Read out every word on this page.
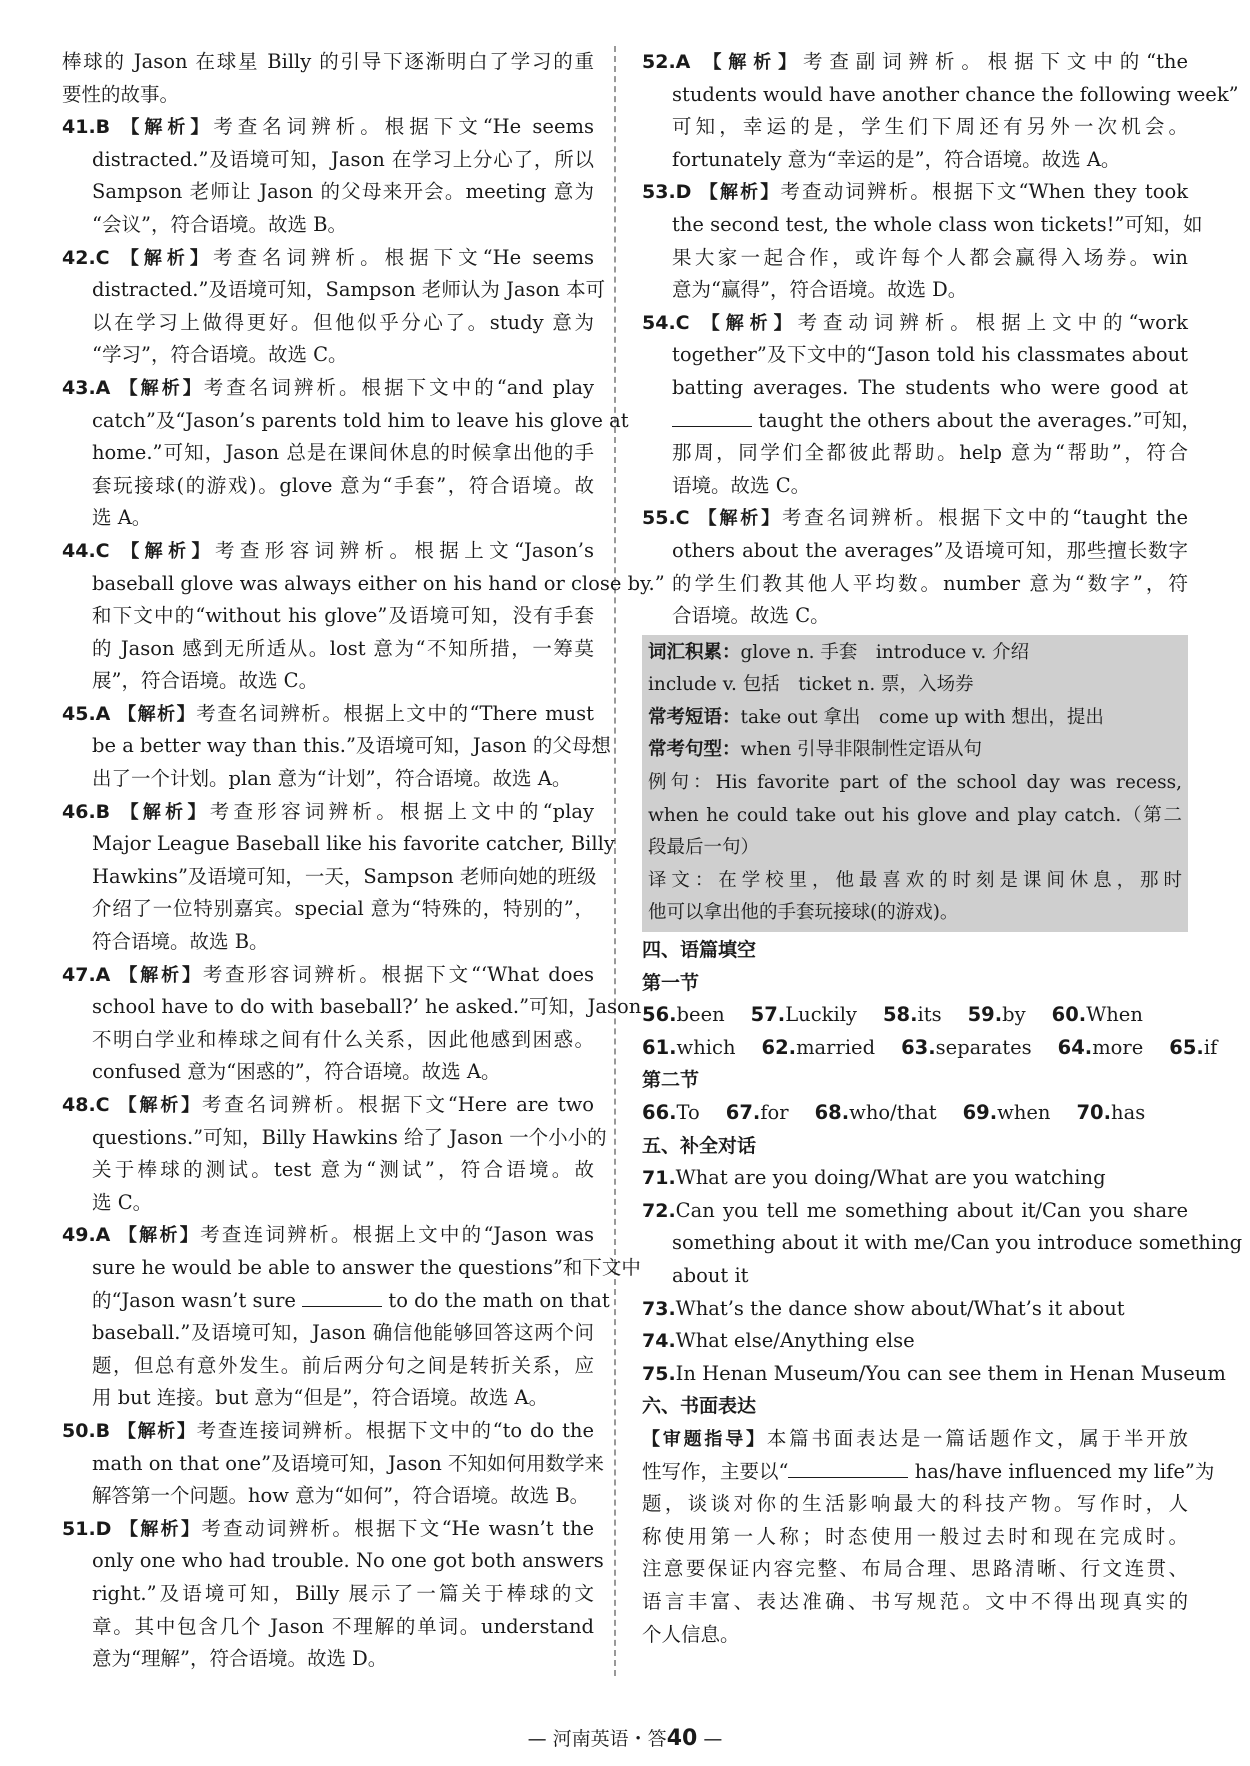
棒球的 Jason 在球星 Billy 的引导下逐渐明白了学习的重
要性的故事。
41.B 【解析】考查名词辨析。根据下文“He seems
distracted.”及语境可知，Jason 在学习上分心了，所以
Sampson 老师让 Jason 的父母来开会。meeting 意为
“会议”，符合语境。故选 B。
42.C 【解析】考查名词辨析。根据下文“He seems
distracted.”及语境可知，Sampson 老师认为 Jason 本可
以在学习上做得更好。但他似乎分心了。study 意为
“学习”，符合语境。故选 C。
43.A 【解析】考查名词辨析。根据下文中的“and play
catch”及“Jason’s parents told him to leave his glove at
home.”可知，Jason 总是在课间休息的时候拿出他的手
套玩接球(的游戏)。glove 意为“手套”，符合语境。故
选 A。
44.C 【解析】考查形容词辨析。根据上文“Jason’s
baseball glove was always either on his hand or close by.”
和下文中的“without his glove”及语境可知，没有手套
的 Jason 感到无所适从。lost 意为“不知所措，一筹莫
展”，符合语境。故选 C。
45.A 【解析】考查名词辨析。根据上文中的“There must
be a better way than this.”及语境可知，Jason 的父母想
出了一个计划。plan 意为“计划”，符合语境。故选 A。
46.B 【解析】考查形容词辨析。根据上文中的“play
Major League Baseball like his favorite catcher, Billy
Hawkins”及语境可知，一天，Sampson 老师向她的班级
介绍了一位特别嘉宾。special 意为“特殊的，特别的”，
符合语境。故选 B。
47.A 【解析】考查形容词辨析。根据下文“‘What does
school have to do with baseball?’ he asked.”可知，Jason
不明白学业和棒球之间有什么关系，因此他感到困惑。
confused 意为“困惑的”，符合语境。故选 A。
48.C 【解析】考查名词辨析。根据下文“Here are two
questions.”可知，Billy Hawkins 给了 Jason 一个小小的
关于棒球的测试。test 意为“测试”，符合语境。故
选 C。
49.A 【解析】考查连词辨析。根据上文中的“Jason was
sure he would be able to answer the questions”和下文中
的“Jason wasn’t sure	to do the math on that
baseball.”及语境可知，Jason 确信他能够回答这两个问
题，但总有意外发生。前后两分句之间是转折关系，应
用 but 连接。but 意为“但是”，符合语境。故选 A。
50.B 【解析】考查连接词辨析。根据下文中的“to do the
math on that one”及语境可知，Jason 不知如何用数学来
解答第一个问题。how 意为“如何”，符合语境。故选 B。
51.D 【解析】考查动词辨析。根据下文“He wasn’t the
only one who had trouble. No one got both answers
right.”及语境可知，Billy 展示了一篇关于棒球的文
章。其中包含几个 Jason 不理解的单词。understand
意为“理解”，符合语境。故选 D。
52.A 【解析】考查副词辨析。根据下文中的“the
students would have another chance the following week”
可知，幸运的是，学生们下周还有另外一次机会。
fortunately 意为“幸运的是”，符合语境。故选 A。
53.D 【解析】考查动词辨析。根据下文“When they took
the second test, the whole class won tickets!”可知，如
果大家一起合作，或许每个人都会赢得入场券。win
意为“赢得”，符合语境。故选 D。
54.C 【解析】考查动词辨析。根据上文中的“work
together”及下文中的“Jason told his classmates about
batting averages. The students who were good at
taught the others about the averages.”可知，
那周，同学们全都彼此帮助。help 意为“帮助”，符合
语境。故选 C。
55.C 【解析】考查名词辨析。根据下文中的“taught the
others about the averages”及语境可知，那些擅长数字
的学生们教其他人平均数。number 意为“数字”，符
合语境。故选 C。
词汇积累：glove n. 手套　introduce v. 介绍
include v. 包括　ticket n. 票，入场券
常考短语：take out 拿出　come up with 想出，提出
常考句型：when 引导非限制性定语从句
例句：His favorite part of the school day was recess,
when he could take out his glove and play catch.（第二
段最后一句）
译文：在学校里，他最喜欢的时刻是课间休息，那时
他可以拿出他的手套玩接球(的游戏)。
四、语篇填空
第一节
56.been 57.Luckily 58.its 59.by 60.When
61.which 62.married 63.separates 64.more 65.if
第二节
66.To 67.for 68.who/that 69.when 70.has
五、补全对话
71.What are you doing/What are you watching
72.Can you tell me something about it/Can you share
something about it with me/Can you introduce something
about it
73.What’s the dance show about/What’s it about
74.What else/Anything else
75.In Henan Museum/You can see them in Henan Museum
六、书面表达
【审题指导】本篇书面表达是一篇话题作文，属于半开放
性写作，主要以“	has/have influenced my life”为
题，谈谈对你的生活影响最大的科技产物。写作时，人
称使用第一人称；时态使用一般过去时和现在完成时。
注意要保证内容完整、布局合理、思路清晰、行文连贯、
语言丰富、表达准确、书写规范。文中不得出现真实的
个人信息。
— 河南英语・答40 —
